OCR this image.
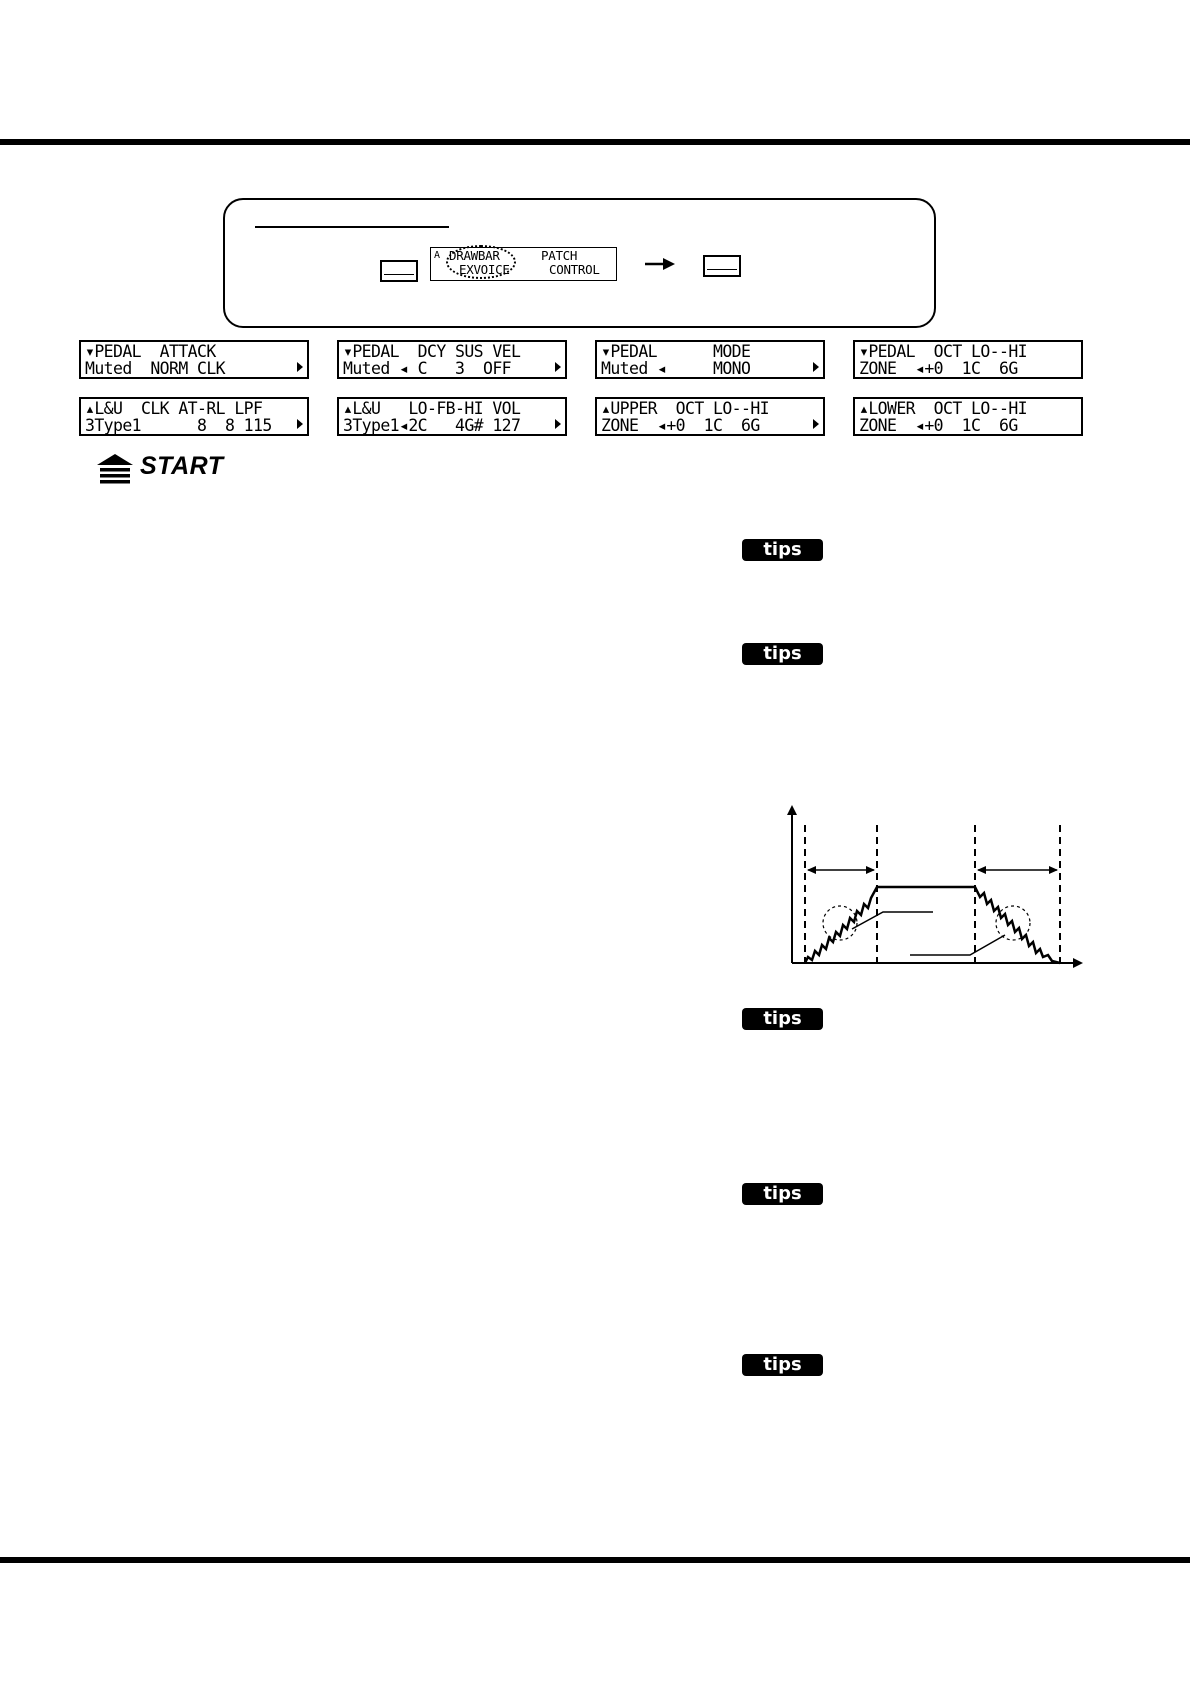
A DRAWBAR	PATCH
EXVOICE	CONTROL
▾PEDAL  ATTACK
Muted  NORM CLK
▾PEDAL  DCY SUS VEL
Muted ◂ C   3  OFF
▾PEDAL      MODE
Muted ◂     MONO
▾PEDAL  OCT LO--HI
ZONE  ◂+0  1C  6G
▴L&U  CLK AT-RL LPF
3Type1      8  8 115
▴L&U   LO-FB-HI VOL
3Type1◂2C   4G# 127
▴UPPER  OCT LO--HI
ZONE  ◂+0  1C  6G
▴LOWER  OCT LO--HI
ZONE  ◂+0  1C  6G
START
tips
tips
tips
tips
tips
